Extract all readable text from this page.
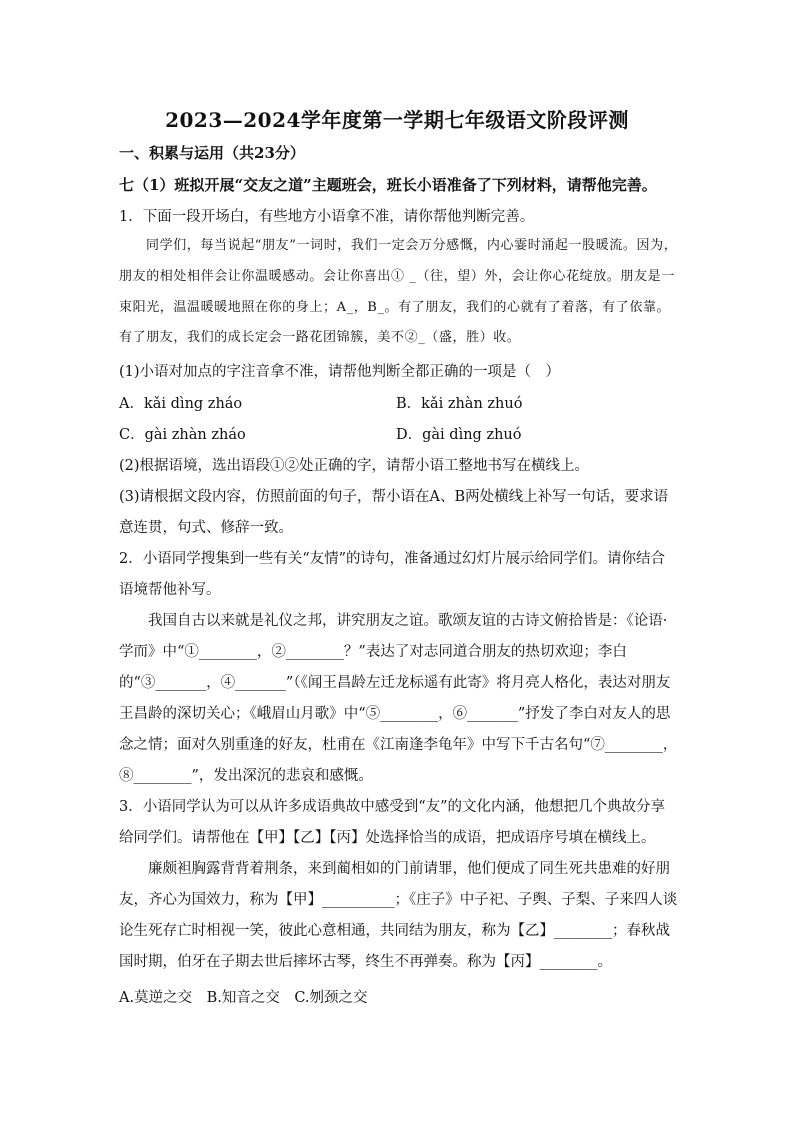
2023—2024学年度第一学期七年级语文阶段评测
一、积累与运用（共23分）
七（1）班拟开展“交友之道”主题班会，班长小语准备了下列材料，请帮他完善。
1．下面一段开场白，有些地方小语拿不准，请你帮他判断完善。
同学们，每当说起“朋友”一词时，我们一定会万分感慨，内心霎时涌起一股暖流。因为，朋友的相处相伴会让你温暖感动。会让你喜出① _（往，望）外，会让你心花绽放。朋友是一束阳光，温温暖暖地照在你的身上；A_，B_。有了朋友，我们的心就有了着落，有了依靠。有了朋友，我们的成长定会一路花团锦簇，美不②_（盛，胜）收。
(1)小语对加点的字注音拿不准，请帮他判断全都正确的一项是（　）
A．kǎi dìng zháo	B．kǎi zhàn zhuó
C．gài zhàn zháo	D．gài dìng zhuó
(2)根据语境，选出语段①②处正确的字，请帮小语工整地书写在横线上。
(3)请根据文段内容，仿照前面的句子，帮小语在A、B两处横线上补写一句话，要求语意连贯，句式、修辞一致。
2．小语同学搜集到一些有关“友情”的诗句，准备通过幻灯片展示给同学们。请你结合语境帮他补写。
我国自古以来就是礼仪之邦，讲究朋友之谊。歌颂友谊的古诗文俯拾皆是：《论语·学而》中“①________，②________？”表达了对志同道合朋友的热切欢迎；李白的“③_______，④_______”（《闻王昌龄左迁龙标遥有此寄》将月亮人格化，表达对朋友王昌龄的深切关心；《峨眉山月歌》中“⑤________，⑥_______”抒发了李白对友人的思念之情；面对久别重逢的好友，杜甫在《江南逢李龟年》中写下千古名句“⑦________，⑧________”，发出深沉的悲哀和感慨。
3．小语同学认为可以从许多成语典故中感受到“友”的文化内涵，他想把几个典故分享给同学们。请帮他在【甲】【乙】【丙】处选择恰当的成语，把成语序号填在横线上。
廉颇袒胸露背背着荆条，来到蔺相如的门前请罪，他们便成了同生死共患难的好朋友，齐心为国效力，称为【甲】__________；《庄子》中子祀、子舆、子梨、子来四人谈论生死存亡时相视一笑，彼此心意相通，共同结为朋友，称为【乙】________；春秋战国时期，伯牙在子期去世后摔坏古琴，终生不再弹奏。称为【丙】________。
A.莫逆之交　B.知音之交　C.刎颈之交
